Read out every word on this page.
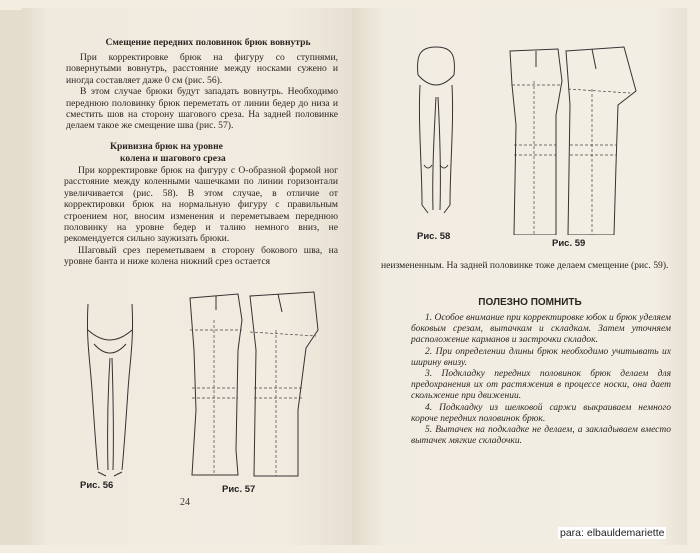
Смещение передних половинок брюк вовнутрь

При корректировке брюк на фигуру со ступнями, повернутыми вовнутрь, расстояние между носками сужено и иногда составляет даже 0 см (рис. 56).

В этом случае брюки будут западать вовнутрь. Необходимо переднюю половинку брюк переметать от линии бедер до низа и сместить шов на сторону шагового среза. На задней половинке делаем такое же смещение шва (рис. 57).

Кривизна брюк на уровне
колена и шагового среза

При корректировке брюк на фигуру с О-образной формой ног расстояние между коленными чашечками по линии горизонтали увеличивается (рис. 58). В этом случае, в отличие от корректировки брюк на нормальную фигуру с правильным строением ног, вносим изменения и переметываем переднюю половинку на уровне бедер и талию немного вниз, не рекомендуется сильно заужизать брюки.

Шаговый срез переметываем в сторону бокового шва, на уровне банта и ниже колена нижний срез остается

Рис. 56	Рис. 57
24
Рис. 58
Рис. 59
неизмененным. На задней половинке тоже делаем смещение (рис. 59).
ПОЛЕЗНО ПОМНИТЬ

1. Особое внимание при корректировке юбок и брюк уделяем боковым срезам, вытачкам и складкам. Затем уточняем расположение карманов и застрочки складок.

2. При определении длины брюк необходимо учитывать их ширину внизу.

3. Подкладку передних половинок брюк делаем для предохранения их от растяжения в процессе носки, она дает скольжение при движении.

4. Подкладку из шелковой саржи выкраиваем немного короче передних половинок брюк.

5. Вытачек на подкладке не делаем, а закладываем вместо вытачек мягкие складочки.

para: elbauldemariette
